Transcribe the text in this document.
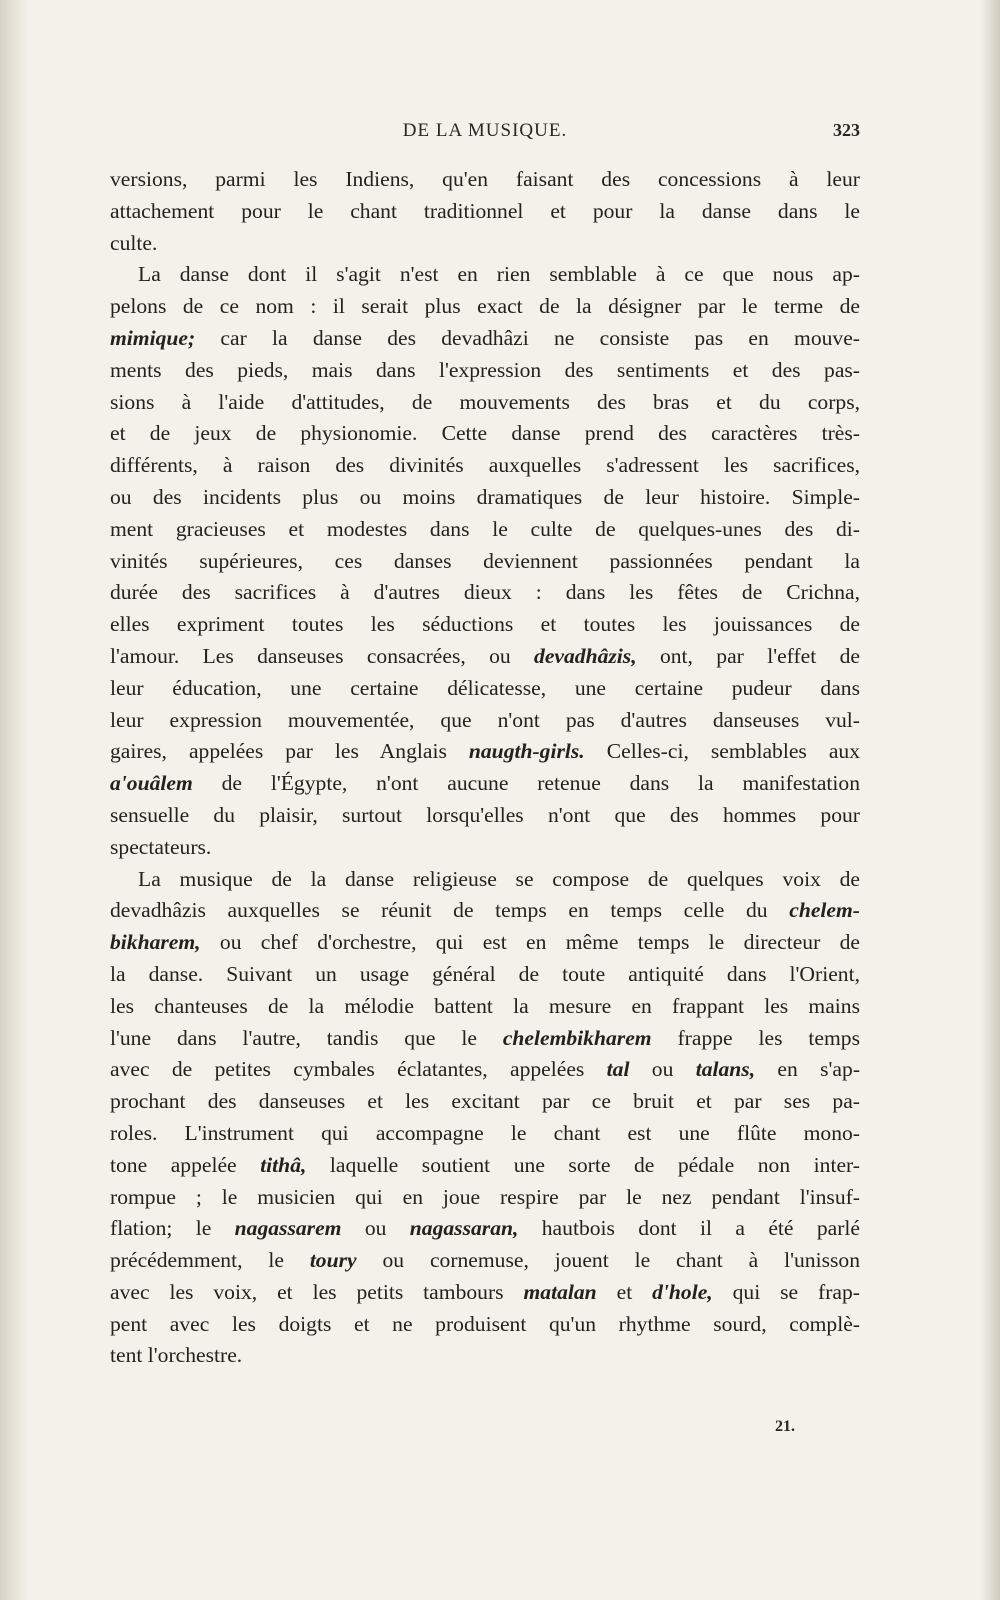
DE LA MUSIQUE.	323
versions, parmi les Indiens, qu'en faisant des concessions à leur
attachement pour le chant traditionnel et pour la danse dans le
culte.
La danse dont il s'agit n'est en rien semblable à ce que nous ap-
pelons de ce nom : il serait plus exact de la désigner par le terme de
mimique; car la danse des devadhâzi ne consiste pas en mouve-
ments des pieds, mais dans l'expression des sentiments et des pas-
sions à l'aide d'attitudes, de mouvements des bras et du corps,
et de jeux de physionomie. Cette danse prend des caractères très-
différents, à raison des divinités auxquelles s'adressent les sacrifices,
ou des incidents plus ou moins dramatiques de leur histoire. Simple-
ment gracieuses et modestes dans le culte de quelques-unes des di-
vinités supérieures, ces danses deviennent passionnées pendant la
durée des sacrifices à d'autres dieux : dans les fêtes de Crichna,
elles expriment toutes les séductions et toutes les jouissances de
l'amour. Les danseuses consacrées, ou devadhâzis, ont, par l'effet de
leur éducation, une certaine délicatesse, une certaine pudeur dans
leur expression mouvementée, que n'ont pas d'autres danseuses vul-
gaires, appelées par les Anglais naugth-girls. Celles-ci, semblables aux
a'ouâlem de l'Égypte, n'ont aucune retenue dans la manifestation
sensuelle du plaisir, surtout lorsqu'elles n'ont que des hommes pour
spectateurs.
La musique de la danse religieuse se compose de quelques voix de
devadhâzis auxquelles se réunit de temps en temps celle du chelem-
bikharem, ou chef d'orchestre, qui est en même temps le directeur de
la danse. Suivant un usage général de toute antiquité dans l'Orient,
les chanteuses de la mélodie battent la mesure en frappant les mains
l'une dans l'autre, tandis que le chelembikharem frappe les temps
avec de petites cymbales éclatantes, appelées tal ou talans, en s'ap-
prochant des danseuses et les excitant par ce bruit et par ses pa-
roles. L'instrument qui accompagne le chant est une flûte mono-
tone appelée tithâ, laquelle soutient une sorte de pédale non inter-
rompue ; le musicien qui en joue respire par le nez pendant l'insuf-
flation; le nagassarem ou nagassaran, hautbois dont il a été parlé
précédemment, le toury ou cornemuse, jouent le chant à l'unisson
avec les voix, et les petits tambours matalan et d'hole, qui se frap-
pent avec les doigts et ne produisent qu'un rhythme sourd, complè-
tent l'orchestre.
21.
